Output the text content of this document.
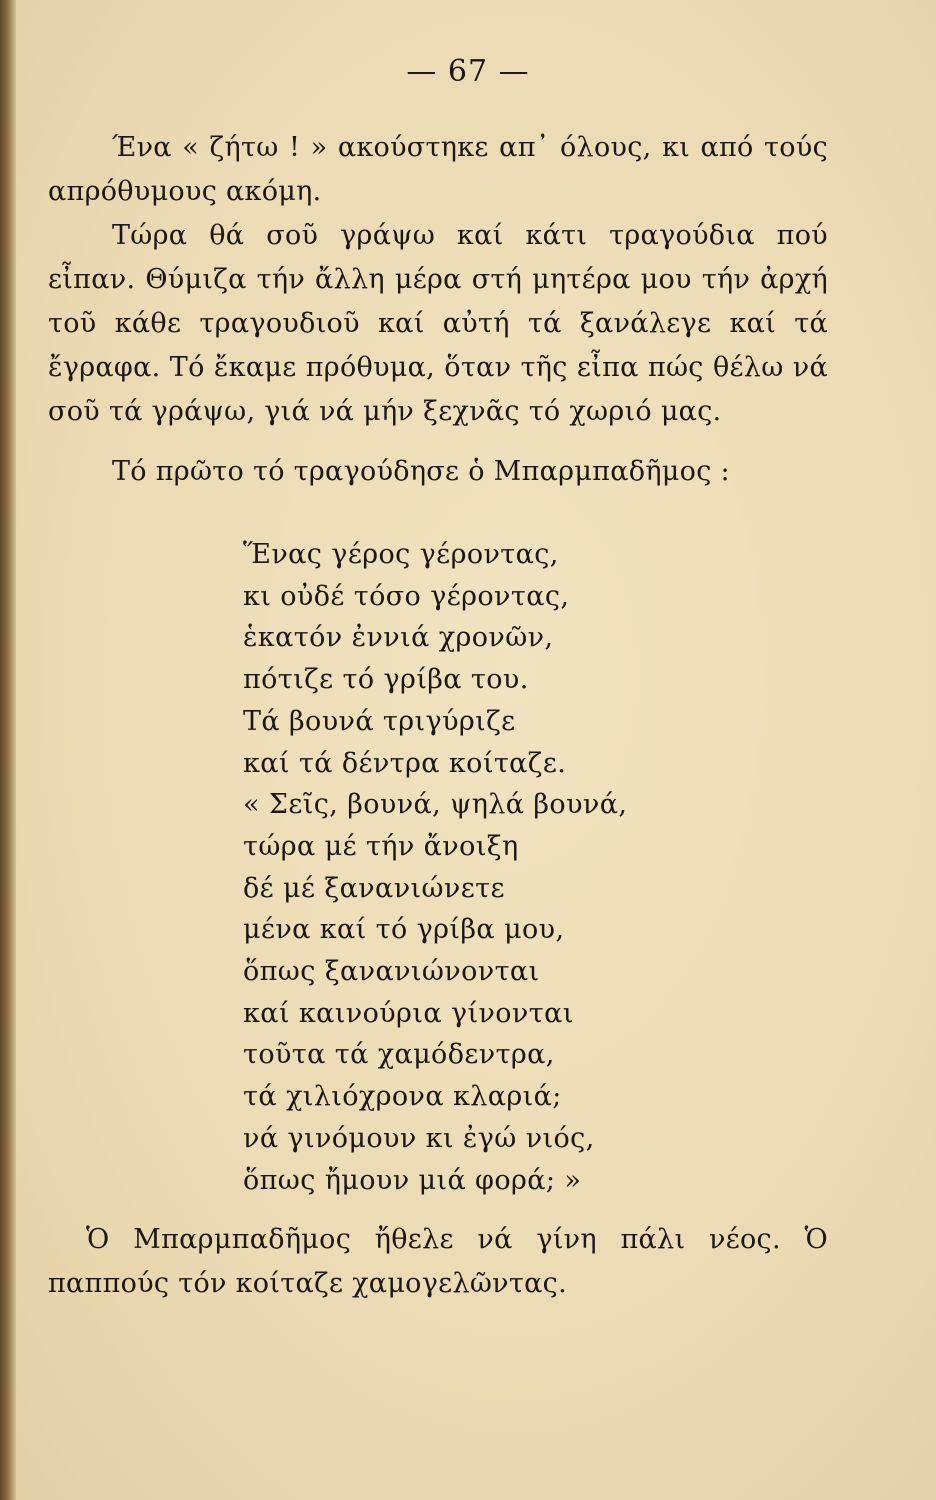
— 67 —

Ένα « ζήτω ! » ακούστηκε απ᾿ όλους, κι από τούς απρόθυμους ακόμη.

Τώρα θά σοῦ γράψω καί κάτι τραγούδια πού εἶπαν. Θύμιζα τήν ἄλλη μέρα στή μητέρα μου τήν ἀρχή τοῦ κάθε τραγουδιοῦ καί αὐτή τά ξανάλεγε καί τά ἔγραφα. Τό ἔκαμε πρόθυμα, ὅταν τῆς εἶπα πώς θέλω νά σοῦ τά γράψω, γιά νά μήν ξεχνᾶς τό χωριό μας.

Τό πρῶτο τό τραγούδησε ὁ Μπαρμπαδῆμος :

Ἕνας γέρος γέροντας,
κι οὐδέ τόσο γέροντας,
ἑκατόν ἐννιά χρονῶν,
πότιζε τό γρίβα του.
Τά βουνά τριγύριζε
καί τά δέντρα κοίταζε.
« Σεῖς, βουνά, ψηλά βουνά,
τώρα μέ τήν ἄνοιξη
δέ μέ ξανανιώνετε
μένα καί τό γρίβα μου,
ὅπως ξανανιώνονται
καί καινούρια γίνονται
τοῦτα τά χαμόδεντρα,
τά χιλιόχρονα κλαριά;
νά γινόμουν κι ἐγώ νιός,
ὅπως ἤμουν μιά φορά; »

Ὁ Μπαρμπαδῆμος ἤθελε νά γίνη πάλι νέος. Ὁ παππούς τόν κοίταζε χαμογελῶντας.
